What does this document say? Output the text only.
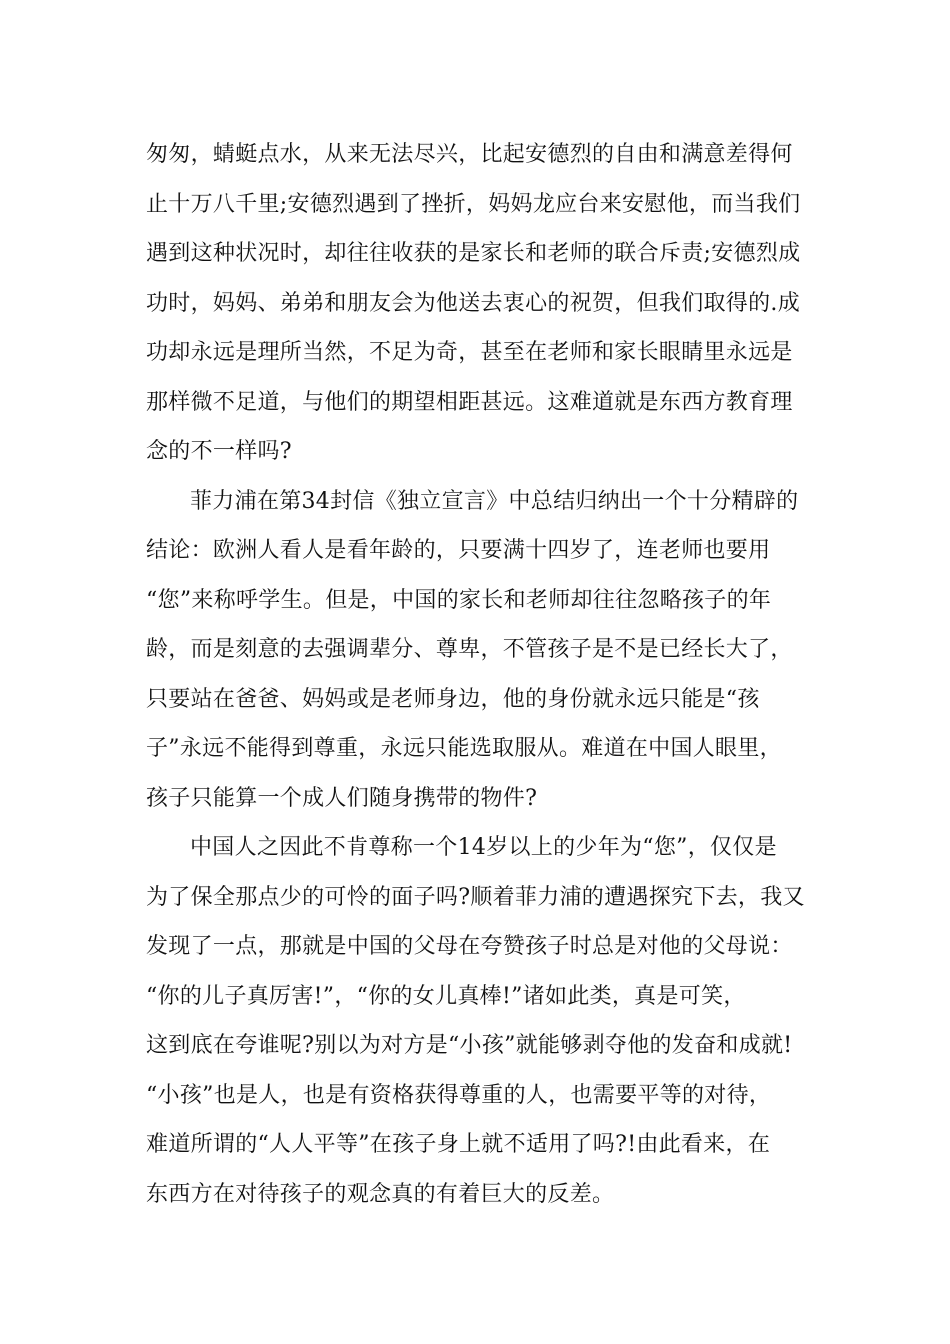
匆匆，蜻蜓点水，从来无法尽兴，比起安德烈的自由和满意差得何
止十万八千里;安德烈遇到了挫折，妈妈龙应台来安慰他，而当我们
遇到这种状况时，却往往收获的是家长和老师的联合斥责;安德烈成
功时，妈妈、弟弟和朋友会为他送去衷心的祝贺，但我们取得的.成
功却永远是理所当然，不足为奇，甚至在老师和家长眼睛里永远是
那样微不足道，与他们的期望相距甚远。这难道就是东西方教育理
念的不一样吗?
菲力浦在第34封信《独立宣言》中总结归纳出一个十分精辟的
结论：欧洲人看人是看年龄的，只要满十四岁了，连老师也要用
“您”来称呼学生。但是，中国的家长和老师却往往忽略孩子的年
龄，而是刻意的去强调辈分、尊卑，不管孩子是不是已经长大了，
只要站在爸爸、妈妈或是老师身边，他的身份就永远只能是“孩
子”永远不能得到尊重，永远只能选取服从。难道在中国人眼里，
孩子只能算一个成人们随身携带的物件?
中国人之因此不肯尊称一个14岁以上的少年为“您”，仅仅是
为了保全那点少的可怜的面子吗?顺着菲力浦的遭遇探究下去，我又
发现了一点，那就是中国的父母在夸赞孩子时总是对他的父母说：
“你的儿子真厉害!”，“你的女儿真棒!”诸如此类，真是可笑，
这到底在夸谁呢?别以为对方是“小孩”就能够剥夺他的发奋和成就!
“小孩”也是人，也是有资格获得尊重的人，也需要平等的对待，
难道所谓的“人人平等”在孩子身上就不适用了吗?!由此看来，在
东西方在对待孩子的观念真的有着巨大的反差。
